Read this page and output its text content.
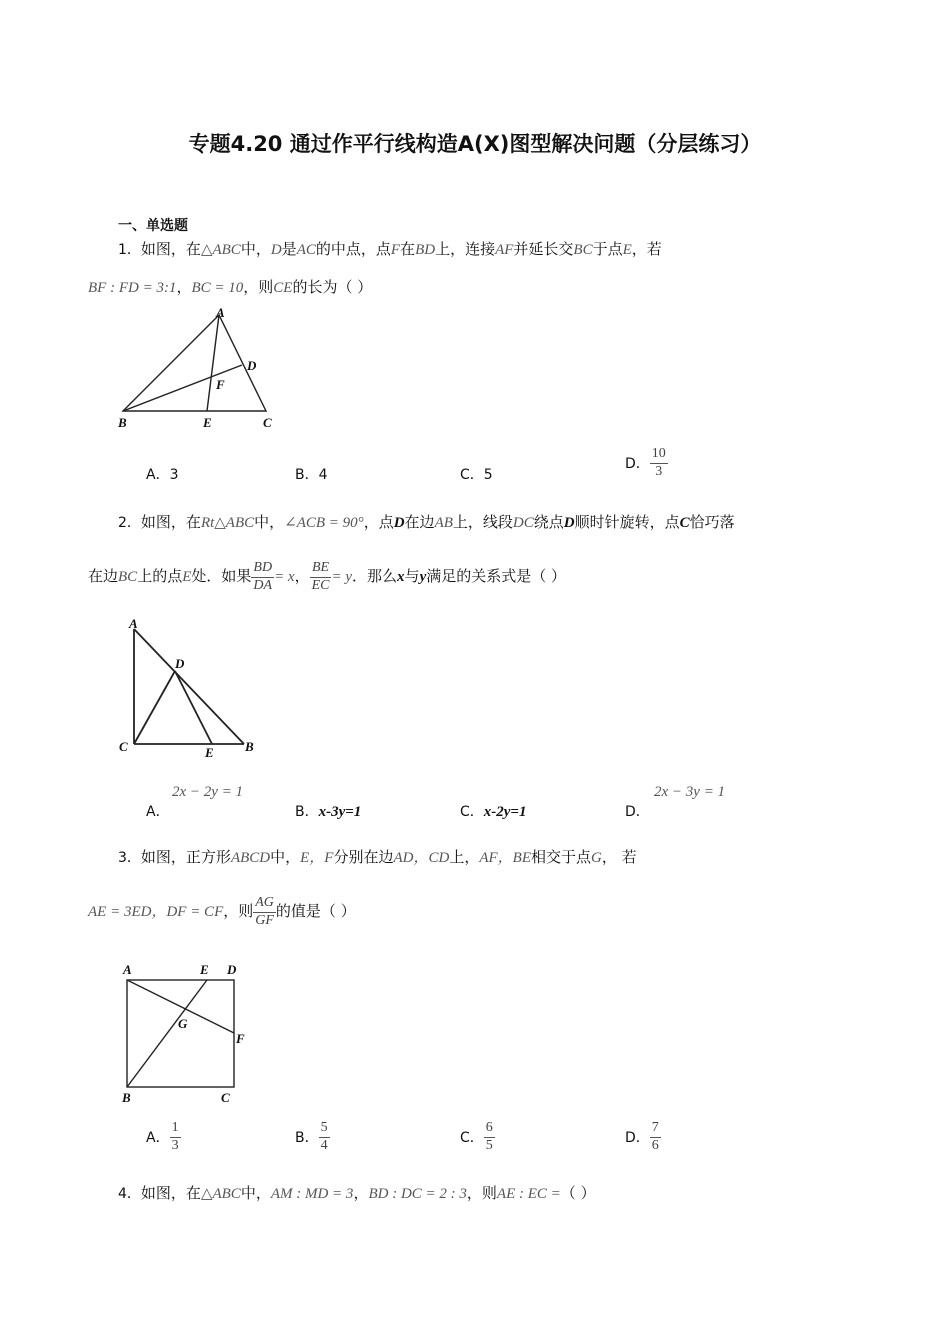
专题4.20 通过作平行线构造A(X)图型解决问题（分层练习）
一、单选题
1．如图，在△ABC中，D是AC的中点，点F在BD上，连接AF并延长交BC于点E，若
BF : FD = 3:1，BC = 10，则CE的长为（ ）
A
B	C
D
E
F
A．3	B．4	C．5
D． $\frac{10}{3}$
2．如图，在Rt△ABC中，∠ACB = 90°，点D在边AB上，线段DC绕点D顺时针旋转，点C恰巧落
在边BC上的点E处．如果 $\frac{BD}{DA} = x$， $\frac{BE}{EC} = y$．那么x与y满足的关系式是（ ）
A
C	B
D
E
A．
2x − 2y = 1
B．x-3y=1	C．x-2y=1	D．
2x − 3y = 1
3．如图，正方形ABCD中，E，F分别在边AD，CD上，AF，BE相交于点G， 若
AE = 3ED，DF = CF，则 $\frac{AG}{GF}$ 的值是（ ）
A	E D
F
G
B	C
A． $\frac{1}{3}$	B． $\frac{5}{4}$	C． $\frac{6}{5}$	D． $\frac{7}{6}$
4．如图，在△ABC中，AM : MD = 3，BD : DC = 2 : 3，则AE : EC =（ ）
